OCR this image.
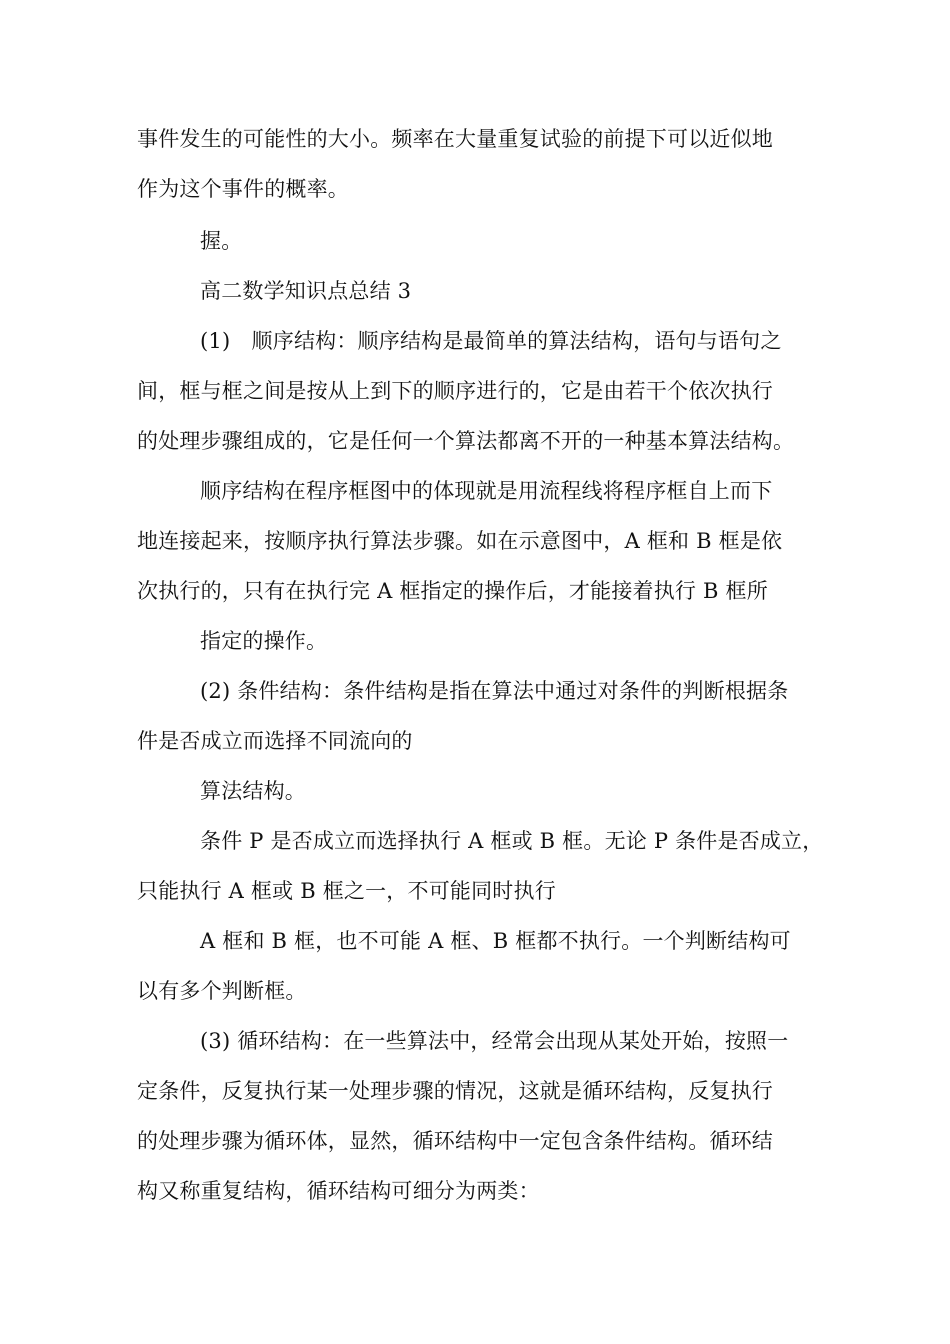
事件发生的可能性的大小。频率在大量重复试验的前提下可以近似地
作为这个事件的概率。
握。
高二数学知识点总结 3
(1)　顺序结构：顺序结构是最简单的算法结构，语句与语句之
间，框与框之间是按从上到下的顺序进行的，它是由若干个依次执行
的处理步骤组成的，它是任何一个算法都离不开的一种基本算法结构。
顺序结构在程序框图中的体现就是用流程线将程序框自上而下
地连接起来，按顺序执行算法步骤。如在示意图中，A 框和 B 框是依
次执行的，只有在执行完 A 框指定的操作后，才能接着执行 B 框所
指定的操作。
(2) 条件结构：条件结构是指在算法中通过对条件的判断根据条
件是否成立而选择不同流向的
算法结构。
条件 P 是否成立而选择执行 A 框或 B 框。无论 P 条件是否成立，
只能执行 A 框或 B 框之一，不可能同时执行
A 框和 B 框，也不可能 A 框、B 框都不执行。一个判断结构可
以有多个判断框。
(3) 循环结构：在一些算法中，经常会出现从某处开始，按照一
定条件，反复执行某一处理步骤的情况，这就是循环结构，反复执行
的处理步骤为循环体，显然，循环结构中一定包含条件结构。循环结
构又称重复结构，循环结构可细分为两类：
